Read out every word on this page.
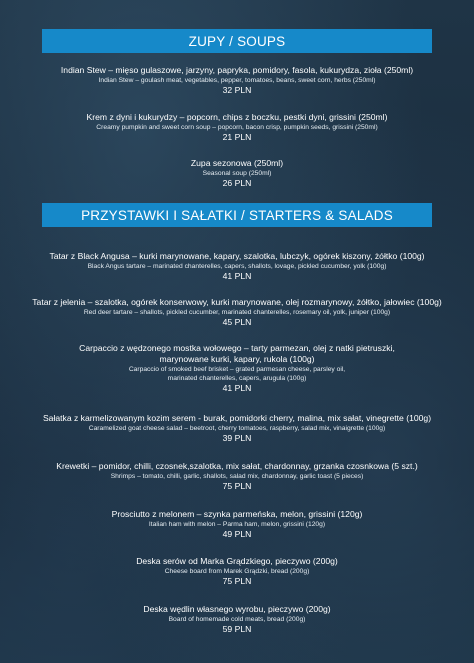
ZUPY / SOUPS
Indian Stew – mięso gulaszowe, jarzyny, papryka, pomidory, fasola, kukurydza, zioła (250ml)
Indian Stew – goulash meat, vegetables, pepper, tomatoes, beans, sweet corn, herbs (250ml)
32 PLN
Krem z dyni i kukurydzy – popcorn, chips z boczku, pestki dyni, grissini (250ml)
Creamy pumpkin and sweet corn soup – popcorn, bacon crisp, pumpkin seeds, grissini (250ml)
21 PLN
Zupa sezonowa (250ml)
Seasonal soup (250ml)
26 PLN
PRZYSTAWKI I SAŁATKI / STARTERS & SALADS
Tatar z Black Angusa – kurki marynowane, kapary, szalotka, lubczyk, ogórek kiszony, żółtko (100g)
Black Angus tartare – marinated chanterelles, capers, shallots, lovage, pickled cucumber, yolk (100g)
41 PLN
Tatar z jelenia – szalotka, ogórek konserwowy, kurki marynowane, olej rozmarynowy, żółtko, jałowiec (100g)
Red deer tartare – shallots, pickled cucumber, marinated chanterelles, rosemary oil, yolk, juniper (100g)
45 PLN
Carpaccio z wędzonego mostka wołowego – tarty parmezan, olej z natki pietruszki,
marynowane kurki, kapary, rukola (100g)
Carpaccio of smoked beef brisket – grated parmesan cheese, parsley oil,
marinated chanterelles, capers, arugula (100g)
41 PLN
Sałatka z karmelizowanym kozim serem - burak, pomidorki cherry, malina, mix sałat, vinegrette (100g)
Caramelized goat cheese salad – beetroot, cherry tomatoes, raspberry, salad mix, vinaigrette (100g)
39 PLN
Krewetki – pomidor, chilli, czosnek,szalotka, mix sałat, chardonnay, grzanka czosnkowa (5 szt.)
Shrimps – tomato, chilli, garlic, shallots, salad mix, chardonnay, garlic toast (5 pieces)
75 PLN
Prosciutto z melonem – szynka parmeńska, melon, grissini (120g)
Italian ham with melon – Parma ham, melon, grissini (120g)
49 PLN
Deska serów od Marka Grądzkiego, pieczywo (200g)
Cheese board from Marek Grądzki, bread (200g)
75 PLN
Deska wędlin własnego wyrobu, pieczywo (200g)
Board of homemade cold meats, bread (200g)
59 PLN
